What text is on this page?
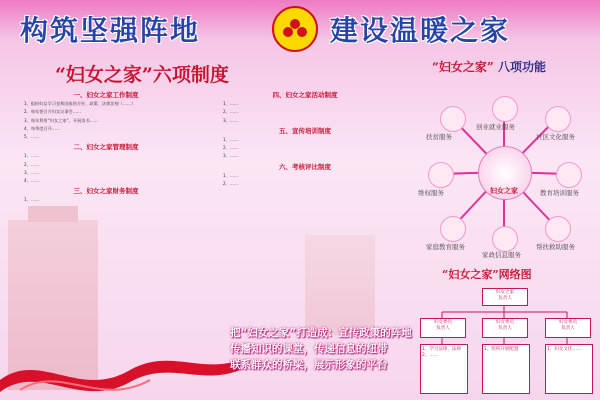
构筑坚强阵地	建设温暖之家
“妇女之家”六项制度
一、妇女之家工作制度

1、组织妇女学习党和国家的方针、政策、法律法规（……）

2、每年要召开妇女议事会……

3、每年利用“妇女之家”，开展读书……

4、每季度召开……

5、……

二、妇女之家管理制度

1、……

2、……

3、……

4、……

三、妇女之家财务制度

1、……

四、妇女之家活动制度

1、……

2、……

3、……

五、宣传培训制度

1、……

2、……

3、……

六、考核评比制度

1、……

2、……

把“妇女之家”打造成：宣传政策的阵地
传播知识的课堂，传递信息的纽带
联系群众的桥梁，展示形象的平台
“妇女之家” 八项功能
扶贫服务
创业就业服务
社区文化服务
维权服务	教育培训服务
家庭教育服务
家政信息服务
帮扶救助服务
妇女之家
“妇女之家”网络图
妇女之家
负责人
妇女委员
负责人
妇女委员
负责人
妇女委员
负责人
1、学习法律、法规 2、……
1、组织开展配置	1、妇女文化……
